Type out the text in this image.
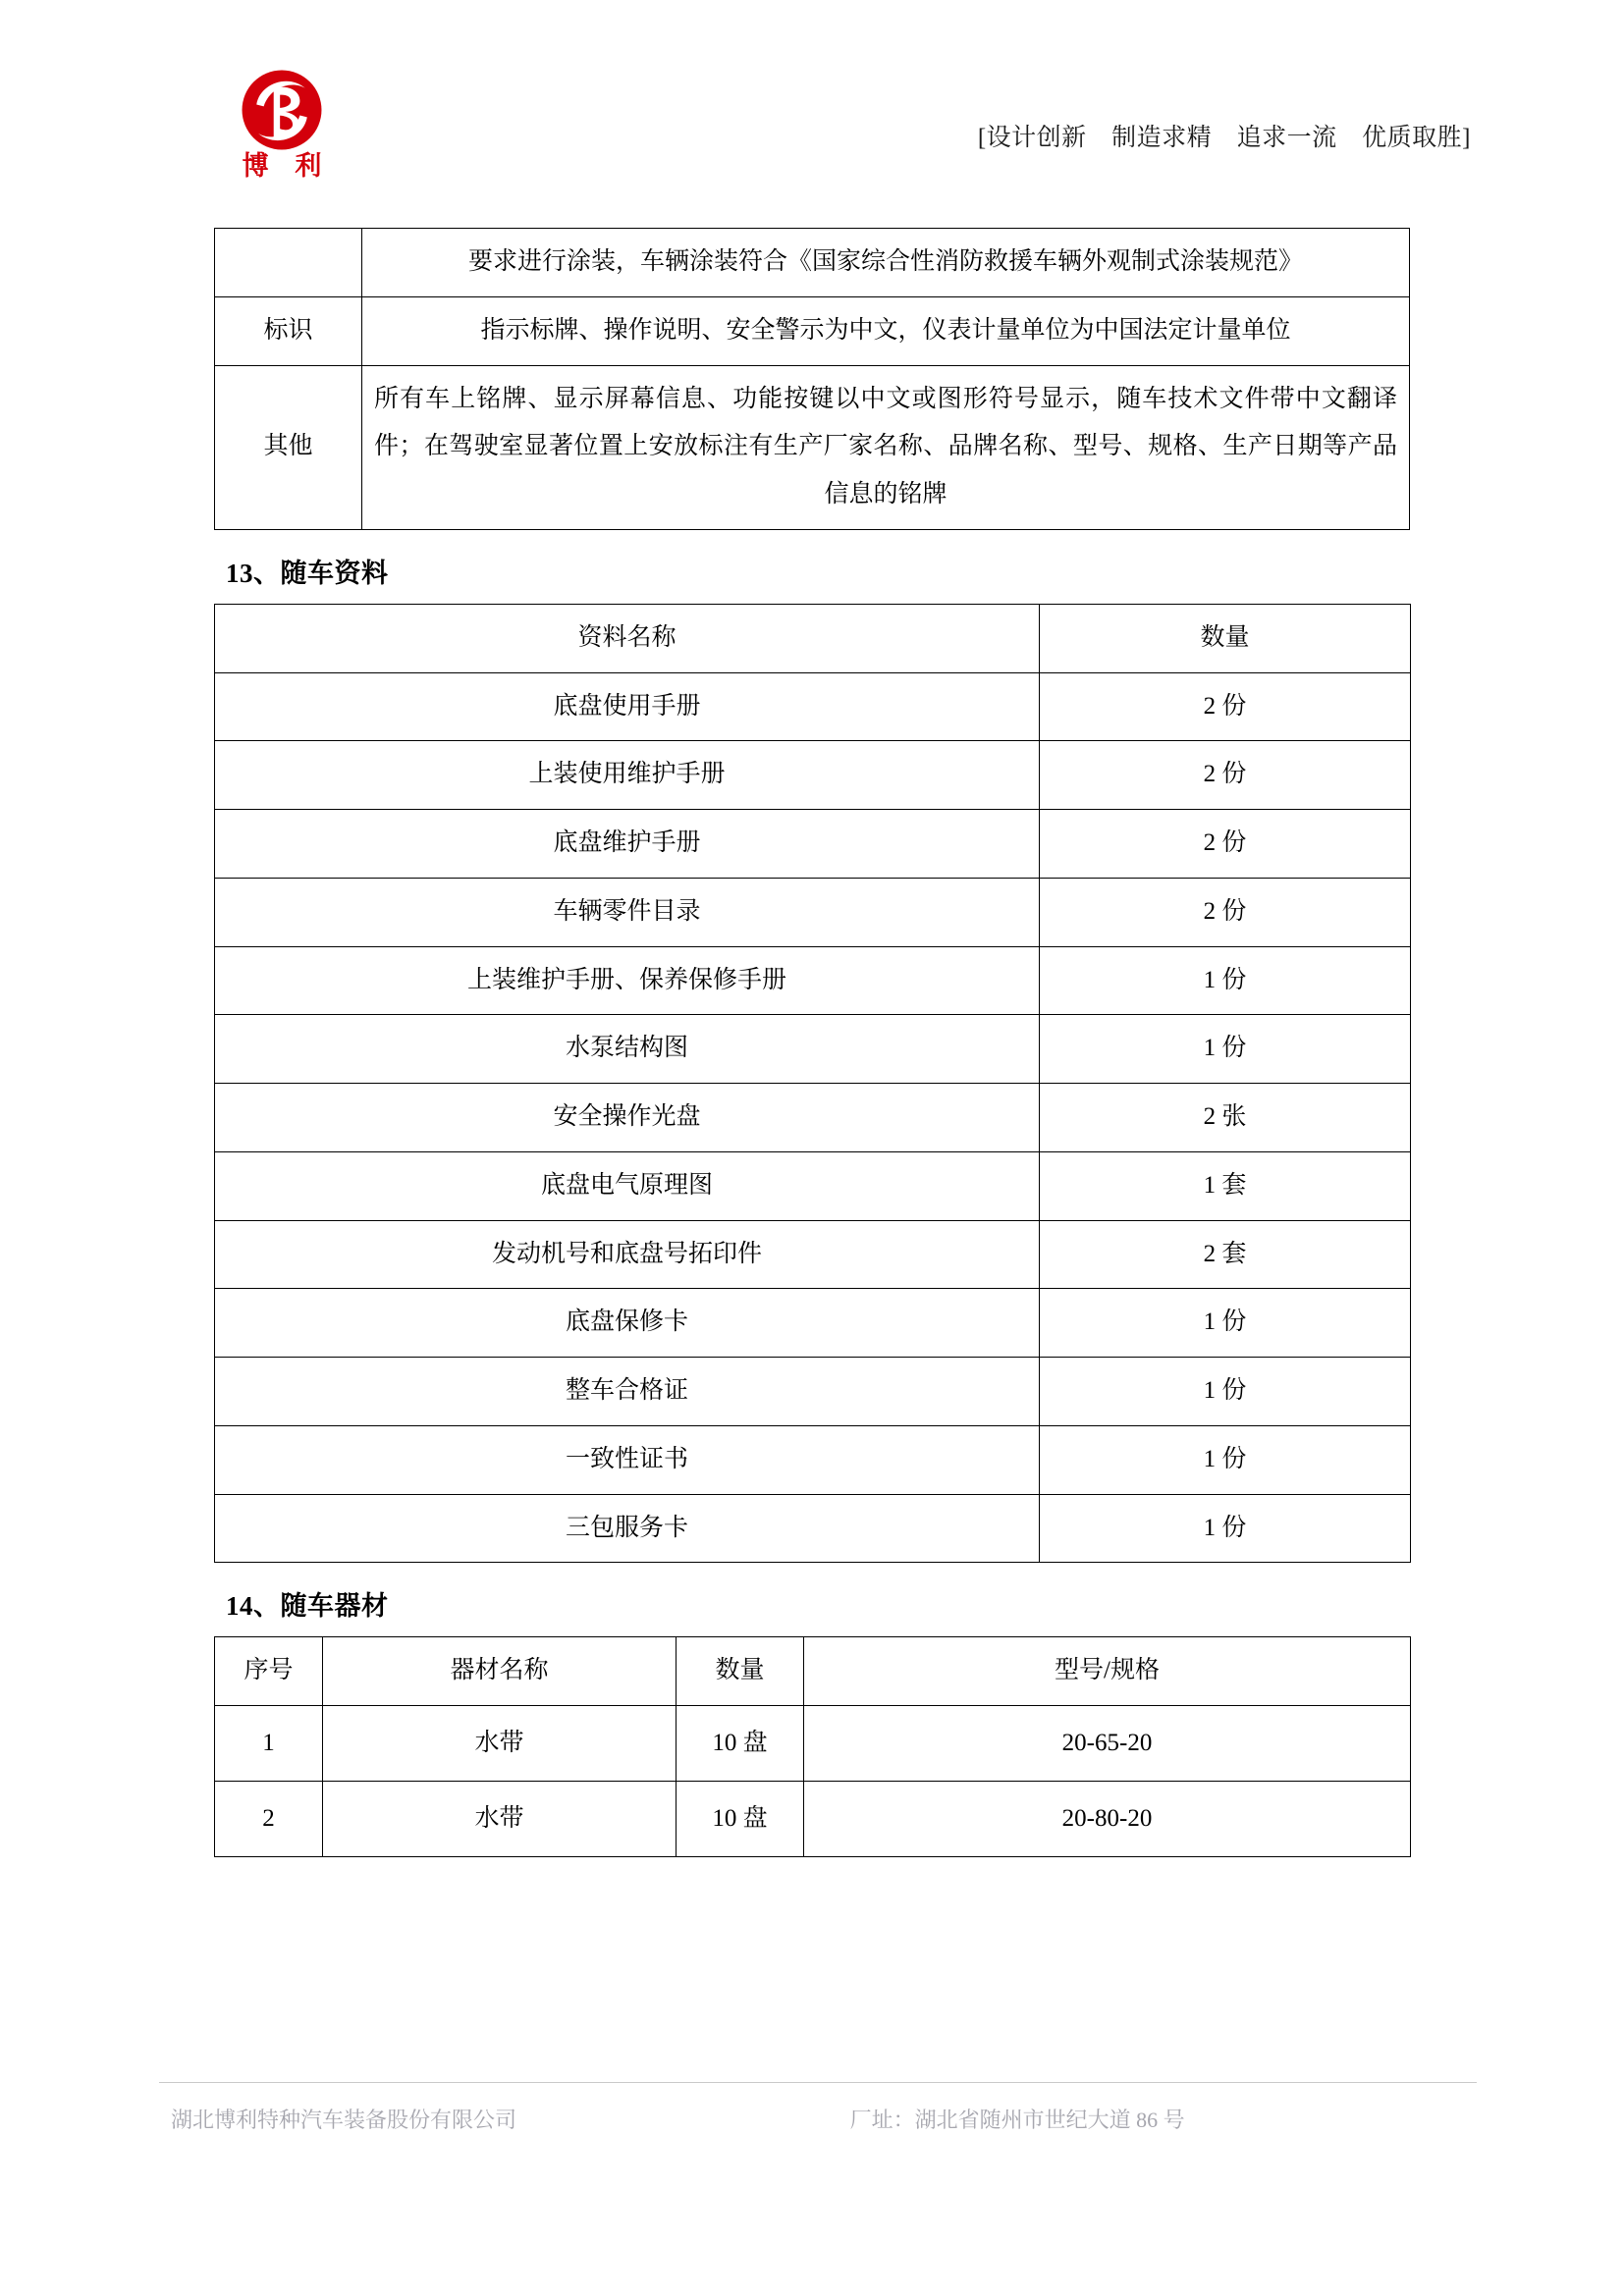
博 利
[设计创新　制造求精　追求一流　优质取胜]
	要求进行涂装，车辆涂装符合《国家综合性消防救援车辆外观制式涂装规范》
标识	指示标牌、操作说明、安全警示为中文，仪表计量单位为中国法定计量单位
其他	所有车上铭牌、显示屏幕信息、功能按键以中文或图形符号显示，随车技术文件带中文翻译件；在驾驶室显著位置上安放标注有生产厂家名称、品牌名称、型号、规格、生产日期等产品信息的铭牌
13、随车资料
资料名称	数量
底盘使用手册	2 份
上装使用维护手册	2 份
底盘维护手册	2 份
车辆零件目录	2 份
上装维护手册、保养保修手册	1 份
水泵结构图	1 份
安全操作光盘	2 张
底盘电气原理图	1 套
发动机号和底盘号拓印件	2 套
底盘保修卡	1 份
整车合格证	1 份
一致性证书	1 份
三包服务卡	1 份
14、随车器材
序号	器材名称	数量	型号/规格
1	水带	10 盘	20-65-20
2	水带	10 盘	20-80-20
湖北博利特种汽车装备股份有限公司	厂址：湖北省随州市世纪大道 86 号
